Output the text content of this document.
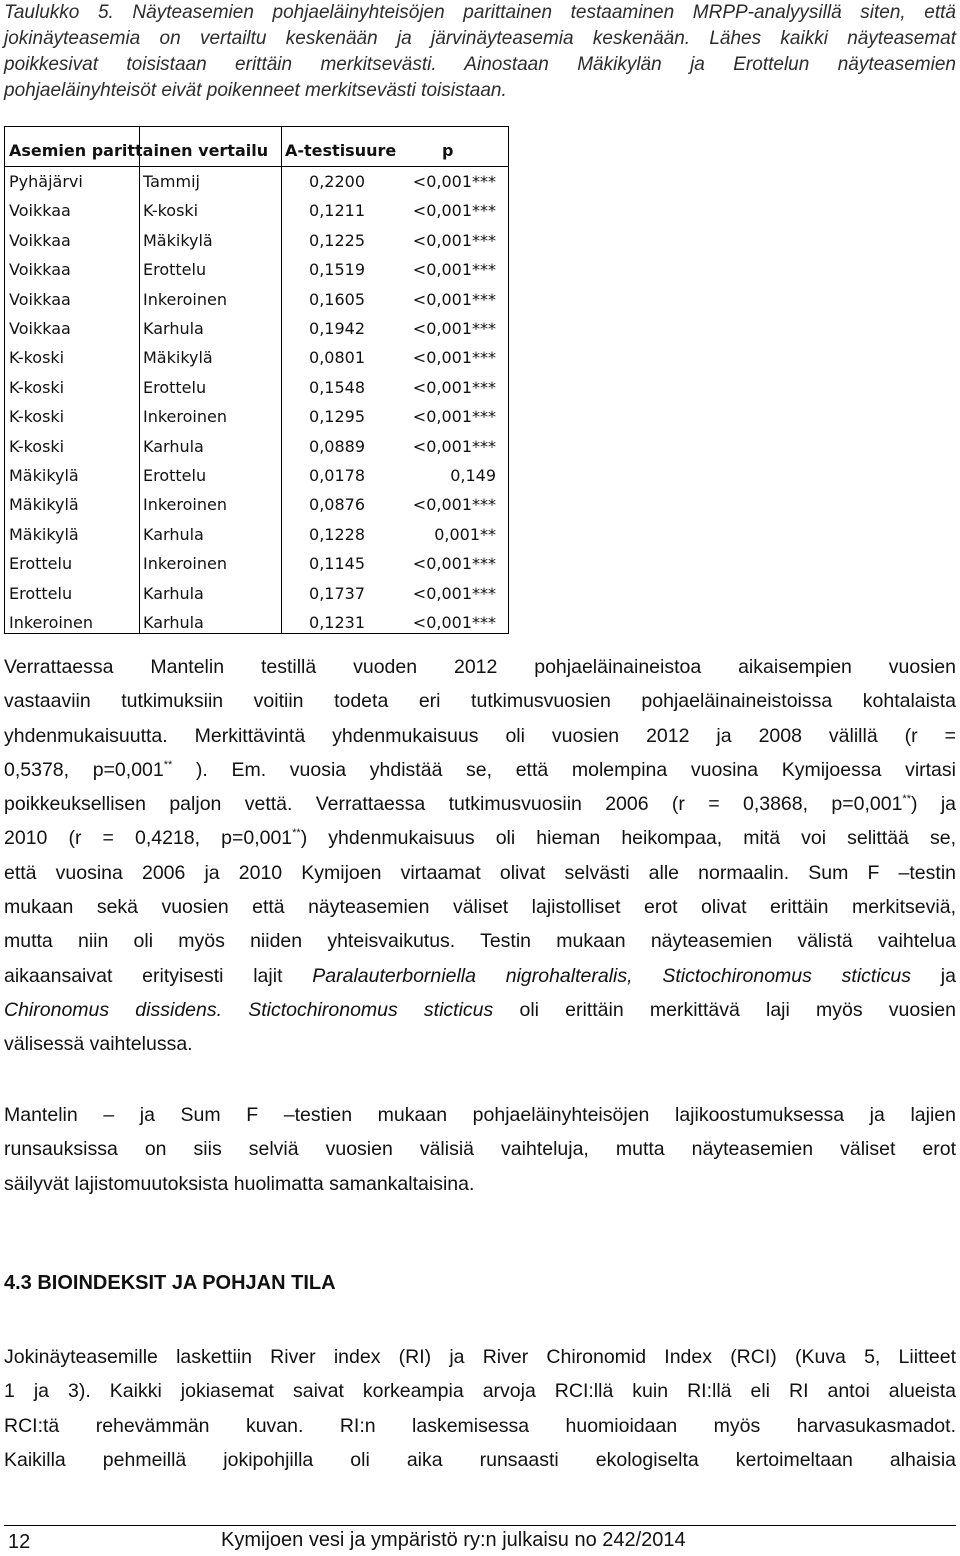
Taulukko 5. Näyteasemien pohjaeläinyhteisöjen parittainen testaaminen MRPP-analyysillä siten, että
jokinäyteasemia on vertailtu keskenään ja järvinäyteasemia keskenään. Lähes kaikki näyteasemat
poikkesivat toisistaan erittäin merkitsevästi. Ainostaan Mäkikylän ja Erottelun näyteasemien
pohjaeläinyhteisöt eivät poikenneet merkitsevästi toisistaan.
Asemien parittainen vertailu A-testisuure	p
Pyhäjärvi	Tammij	0,2200	<0,001***
Voikkaa	K-koski	0,1211	<0,001***
Voikkaa	Mäkikylä	0,1225	<0,001***
Voikkaa	Erottelu	0,1519	<0,001***
Voikkaa	Inkeroinen	0,1605	<0,001***
Voikkaa	Karhula	0,1942	<0,001***
K-koski	Mäkikylä	0,0801	<0,001***
K-koski	Erottelu	0,1548	<0,001***
K-koski	Inkeroinen	0,1295	<0,001***
K-koski	Karhula	0,0889	<0,001***
Mäkikylä	Erottelu	0,0178	0,149
Mäkikylä	Inkeroinen	0,0876	<0,001***
Mäkikylä	Karhula	0,1228	0,001**
Erottelu	Inkeroinen	0,1145	<0,001***
Erottelu	Karhula	0,1737	<0,001***
Inkeroinen	Karhula	0,1231	<0,001***
Verrattaessa Mantelin testillä vuoden 2012 pohjaeläinaineistoa aikaisempien vuosien
vastaaviin tutkimuksiin voitiin todeta eri tutkimusvuosien pohjaeläinaineistoissa kohtalaista
yhdenmukaisuutta. Merkittävintä yhdenmukaisuus oli vuosien 2012 ja 2008 välillä (r =
0,5378, p=0,001** ). Em. vuosia yhdistää se, että molempina vuosina Kymijoessa virtasi
poikkeuksellisen paljon vettä. Verrattaessa tutkimusvuosiin 2006 (r = 0,3868, p=0,001**) ja
2010 (r = 0,4218, p=0,001**) yhdenmukaisuus oli hieman heikompaa, mitä voi selittää se,
että vuosina 2006 ja 2010 Kymijoen virtaamat olivat selvästi alle normaalin. Sum F –testin
mukaan sekä vuosien että näyteasemien väliset lajistolliset erot olivat erittäin merkitseviä,
mutta niin oli myös niiden yhteisvaikutus. Testin mukaan näyteasemien välistä vaihtelua
aikaansaivat erityisesti lajit Paralauterborniella nigrohalteralis, Stictochironomus sticticus ja
Chironomus dissidens. Stictochironomus sticticus oli erittäin merkittävä laji myös vuosien
välisessä vaihtelussa.
Mantelin – ja Sum F –testien mukaan pohjaeläinyhteisöjen lajikoostumuksessa ja lajien
runsauksissa on siis selviä vuosien välisiä vaihteluja, mutta näyteasemien väliset erot
säilyvät lajistomuutoksista huolimatta samankaltaisina.
4.3 BIOINDEKSIT JA POHJAN TILA
Jokinäyteasemille laskettiin River index (RI) ja River Chironomid Index (RCI) (Kuva 5, Liitteet
1 ja 3). Kaikki jokiasemat saivat korkeampia arvoja RCI:llä kuin RI:llä eli RI antoi alueista
RCI:tä rehevämmän kuvan. RI:n laskemisessa huomioidaan myös harvasukasmadot.
Kaikilla pehmeillä jokipohjilla oli aika runsaasti ekologiselta kertoimeltaan alhaisia
12	Kymijoen vesi ja ympäristö ry:n julkaisu no 242/2014
